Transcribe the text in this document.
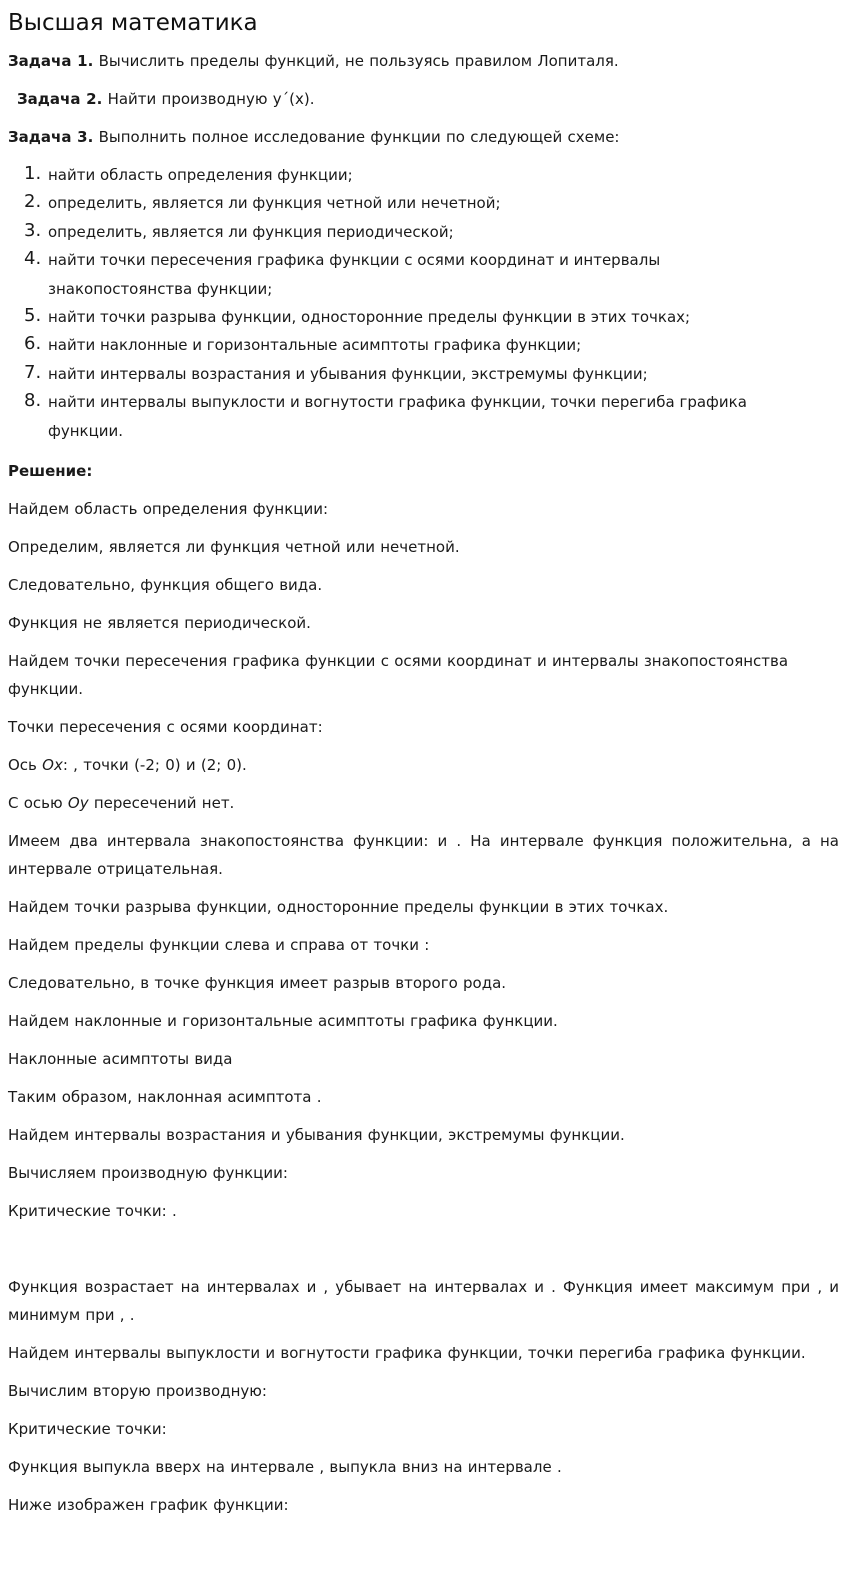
Высшая математика

Задача 1. Вычислить пределы функций, не пользуясь правилом Лопиталя.

Задача 2. Найти производную y´(x).

Задача 3. Выполнить полное исследование функции по следующей схеме:

1. найти область определения функции;
2. определить, является ли функция четной или нечетной;
3. определить, является ли функция периодической;
4. найти точки пересечения графика функции с осями координат и интервалы знакопостоянства функции;
5. найти точки разрыва функции, односторонние пределы функции в этих точках;
6. найти наклонные и горизонтальные асимптоты графика функции;
7. найти интервалы возрастания и убывания функции, экстремумы функции;
8. найти интервалы выпуклости и вогнутости графика функции, точки перегиба графика функции.

Решение:

Найдем область определения функции:

Определим, является ли функция четной или нечетной.

Следовательно, функция общего вида.

Функция не является периодической.

Найдем точки пересечения графика функции с осями координат и интервалы знакопостоянства функции.

Точки пересечения с осями координат:

Ось Ox: , точки (-2; 0) и (2; 0).

С осью Oy пересечений нет.

Имеем два интервала знакопостоянства функции: и . На интервале функция положительна, а на интервале отрицательная.

Найдем точки разрыва функции, односторонние пределы функции в этих точках.

Найдем пределы функции слева и справа от точки :

Следовательно, в точке функция имеет разрыв второго рода.

Найдем наклонные и горизонтальные асимптоты графика функции.

Наклонные асимптоты вида

Таким образом, наклонная асимптота .

Найдем интервалы возрастания и убывания функции, экстремумы функции.

Вычисляем производную функции:

Критические точки: .

Функция возрастает на интервалах и , убывает на интервалах и . Функция имеет максимум при , и минимум при , .

Найдем интервалы выпуклости и вогнутости графика функции, точки перегиба графика функции.

Вычислим вторую производную:

Критические точки:

Функция выпукла вверх на интервале , выпукла вниз на интервале .

Ниже изображен график функции:
